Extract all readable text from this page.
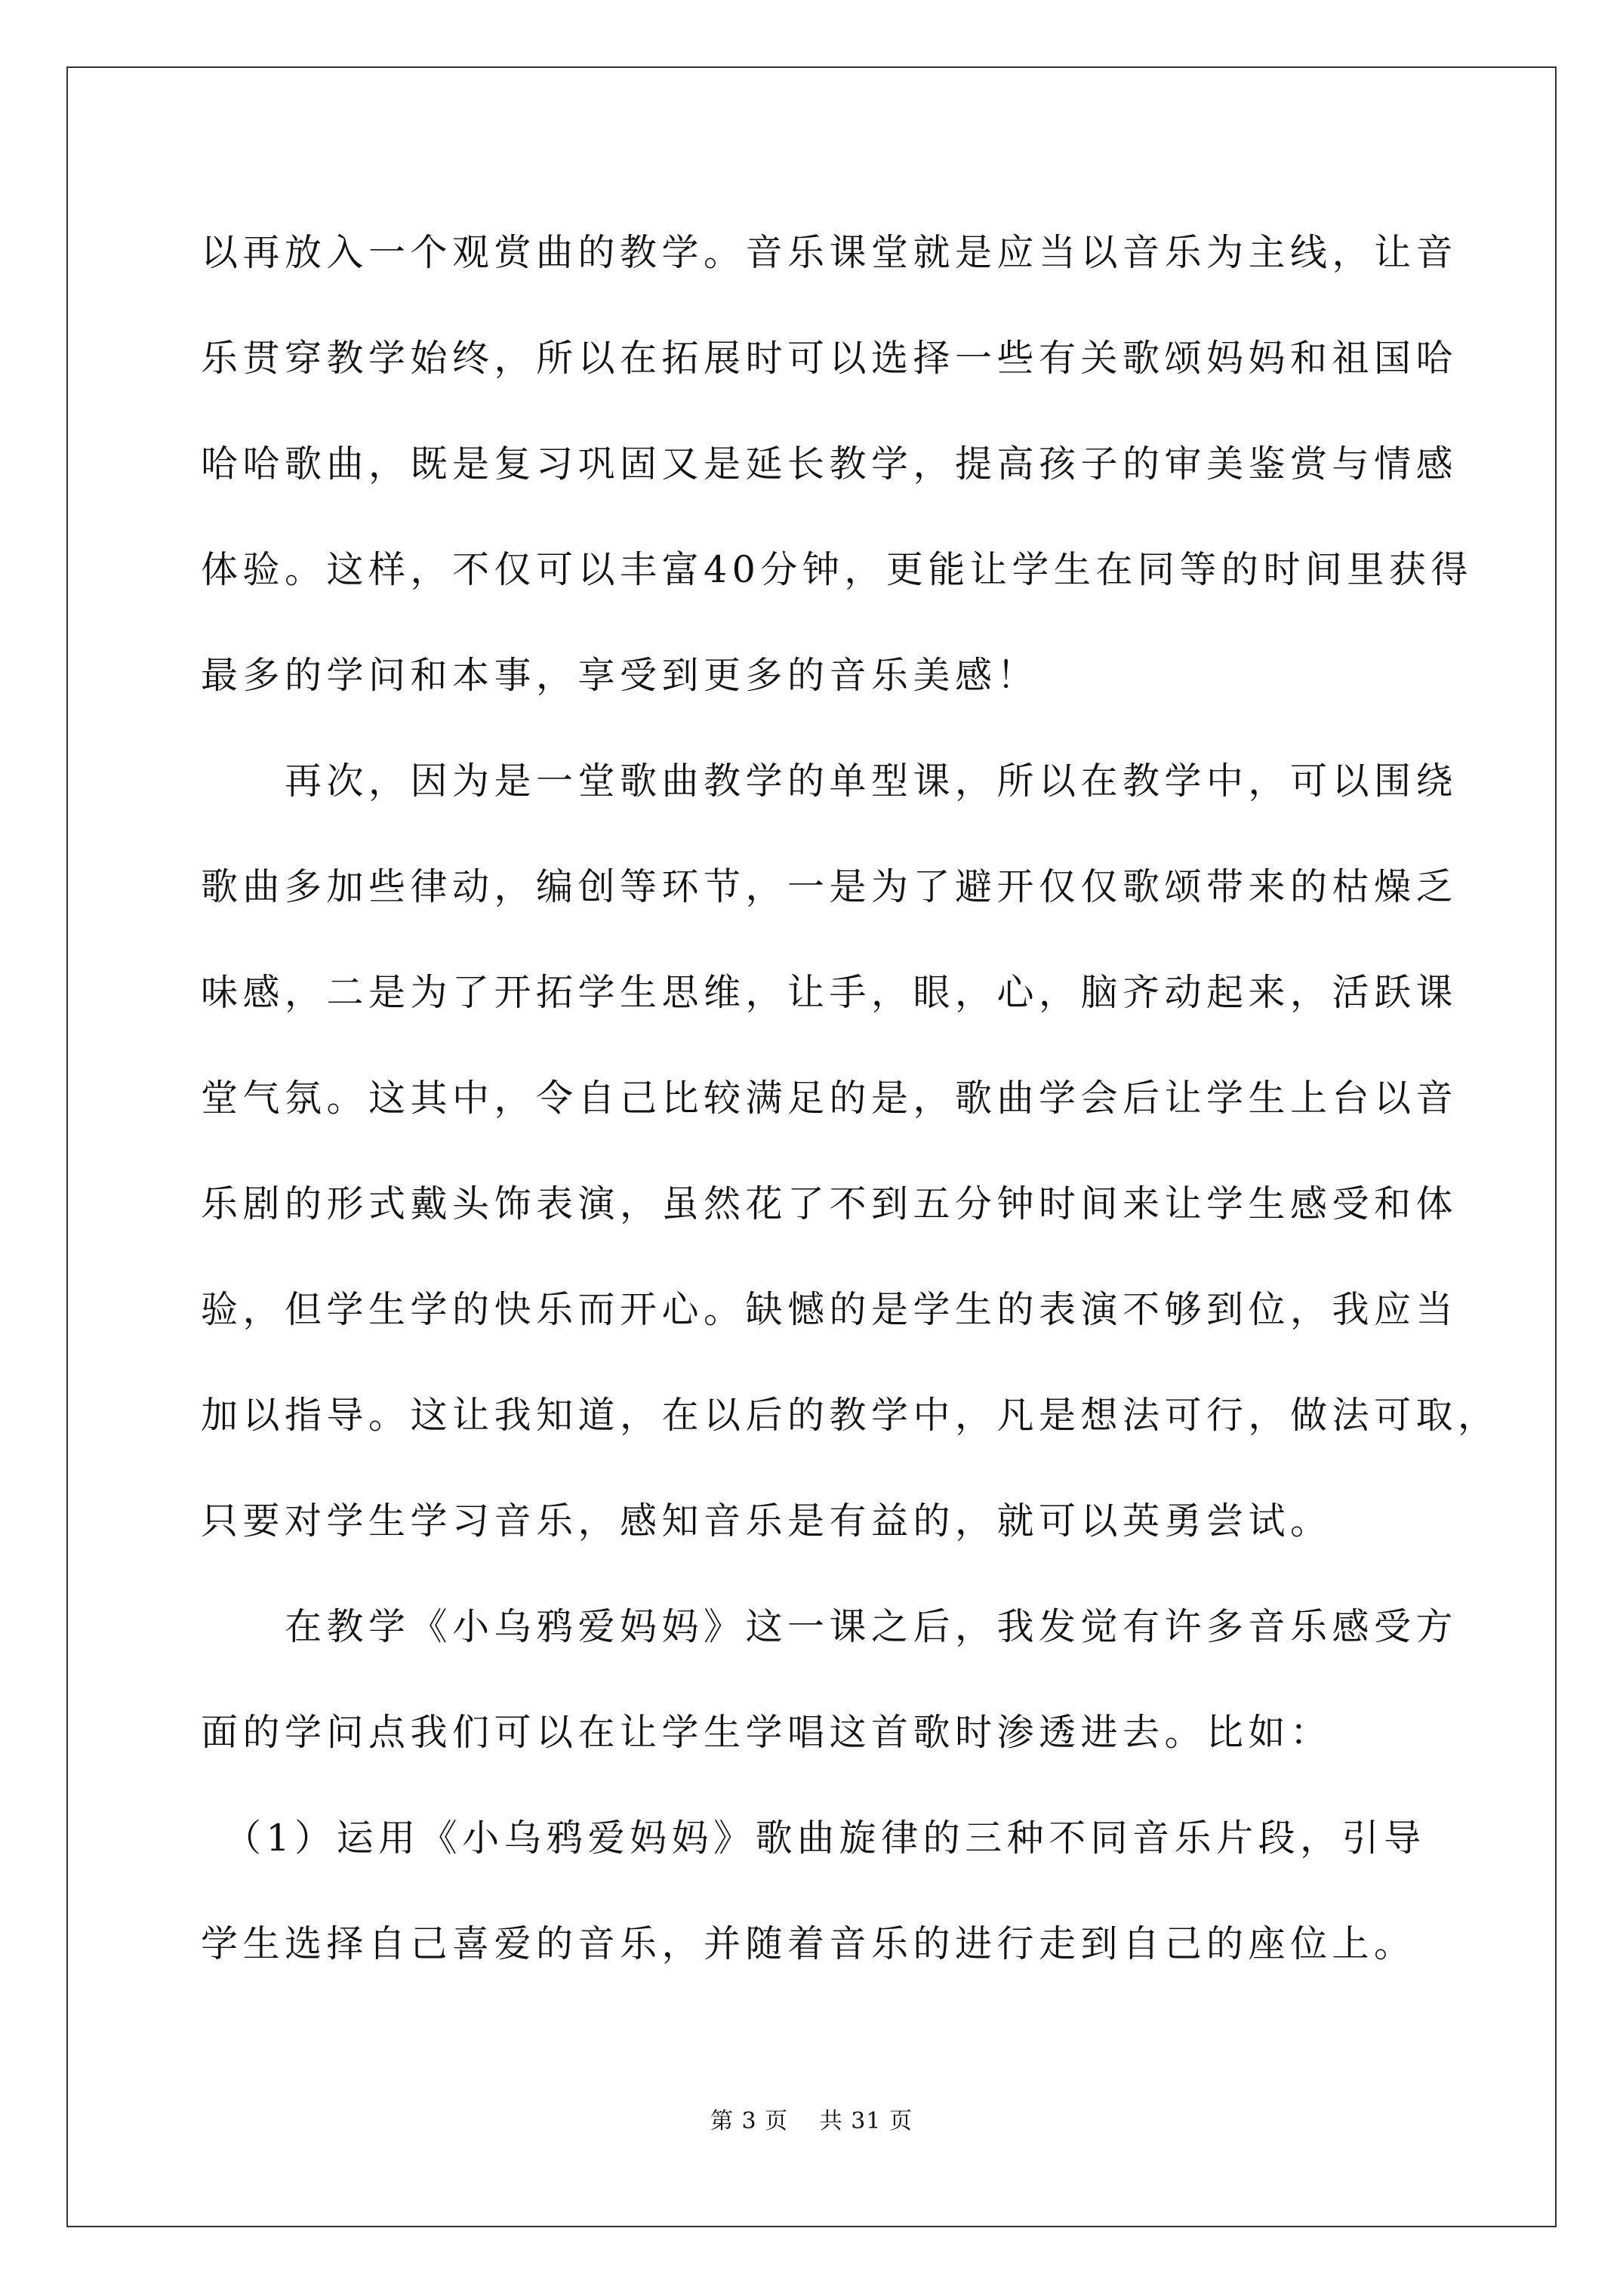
以再放入一个观赏曲的教学。音乐课堂就是应当以音乐为主线，让音
乐贯穿教学始终，所以在拓展时可以选择一些有关歌颂妈妈和祖国哈
哈哈歌曲，既是复习巩固又是延长教学，提高孩子的审美鉴赏与情感
体验。这样，不仅可以丰富40分钟，更能让学生在同等的时间里获得
最多的学问和本事，享受到更多的音乐美感！
　　再次，因为是一堂歌曲教学的单型课，所以在教学中，可以围绕
歌曲多加些律动，编创等环节，一是为了避开仅仅歌颂带来的枯燥乏
味感，二是为了开拓学生思维，让手，眼，心，脑齐动起来，活跃课
堂气氛。这其中，令自己比较满足的是，歌曲学会后让学生上台以音
乐剧的形式戴头饰表演，虽然花了不到五分钟时间来让学生感受和体
验，但学生学的快乐而开心。缺憾的是学生的表演不够到位，我应当
加以指导。这让我知道，在以后的教学中，凡是想法可行，做法可取，
只要对学生学习音乐，感知音乐是有益的，就可以英勇尝试。
　　在教学《小乌鸦爱妈妈》这一课之后，我发觉有许多音乐感受方
面的学问点我们可以在让学生学唱这首歌时渗透进去。比如：
　（1）运用《小乌鸦爱妈妈》歌曲旋律的三种不同音乐片段，引导
学生选择自己喜爱的音乐，并随着音乐的进行走到自己的座位上。
第 3 页　 共 31 页
